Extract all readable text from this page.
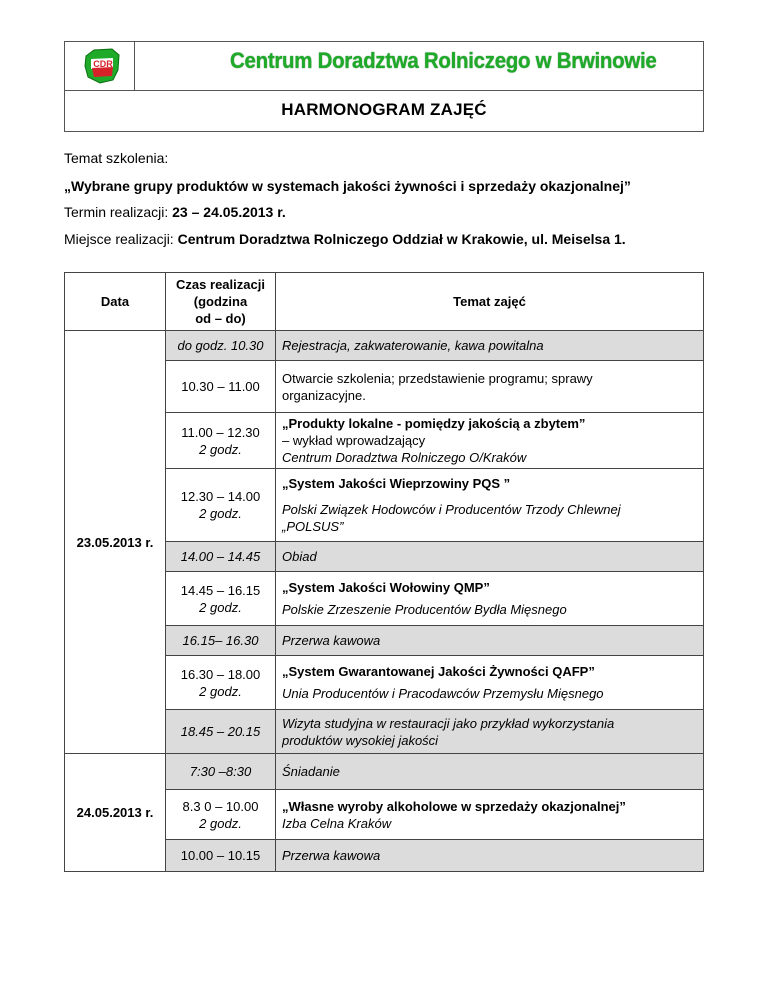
CDR	Centrum Doradztwa Rolniczego w Brwinowie
HARMONOGRAM ZAJĘĆ
Temat szkolenia:
„Wybrane grupy produktów w systemach jakości żywności i sprzedaży okazjonalnej”
Termin realizacji: 23 – 24.05.2013 r.
Miejsce realizacji: Centrum Doradztwa Rolniczego Oddział w Krakowie, ul. Meiselsa 1.
Data	Czas realizacji
(godzina
od – do)	Temat zajęć
23.05.2013 r.	do godz. 10.30	Rejestracja, zakwaterowanie, kawa powitalna
	10.30 – 11.00	Otwarcie szkolenia; przedstawienie programu; sprawy
organizacyjne.

	11.00 – 12.30
2 godz.	„Produkty lokalne - pomiędzy jakością a zbytem”
– wykład wprowadzający
Centrum Doradztwa Rolniczego O/Kraków

	12.30 – 14.00
2 godz.	„System Jakości Wieprzowiny PQS ”
Polski Związek Hodowców i Producentów Trzody Chlewnej
„POLSUS”

	14.00 – 14.45	Obiad

	14.45 – 16.15
2 godz.	„System Jakości Wołowiny QMP”
Polskie Zrzeszenie Producentów Bydła Mięsnego

	16.15– 16.30	Przerwa kawowa

	16.30 – 18.00
2 godz.	„System Gwarantowanej Jakości Żywności QAFP”
Unia Producentów i Pracodawców Przemysłu Mięsnego

	18.45 – 20.15	Wizyta studyjna w restauracji jako przykład wykorzystania
produktów wysokiej jakości

24.05.2013 r.	7:30 –8:30	Śniadanie

	8.3 0 – 10.00
2 godz.	„Własne wyroby alkoholowe w sprzedaży okazjonalnej”
Izba Celna Kraków

	10.00 – 10.15	Przerwa kawowa
